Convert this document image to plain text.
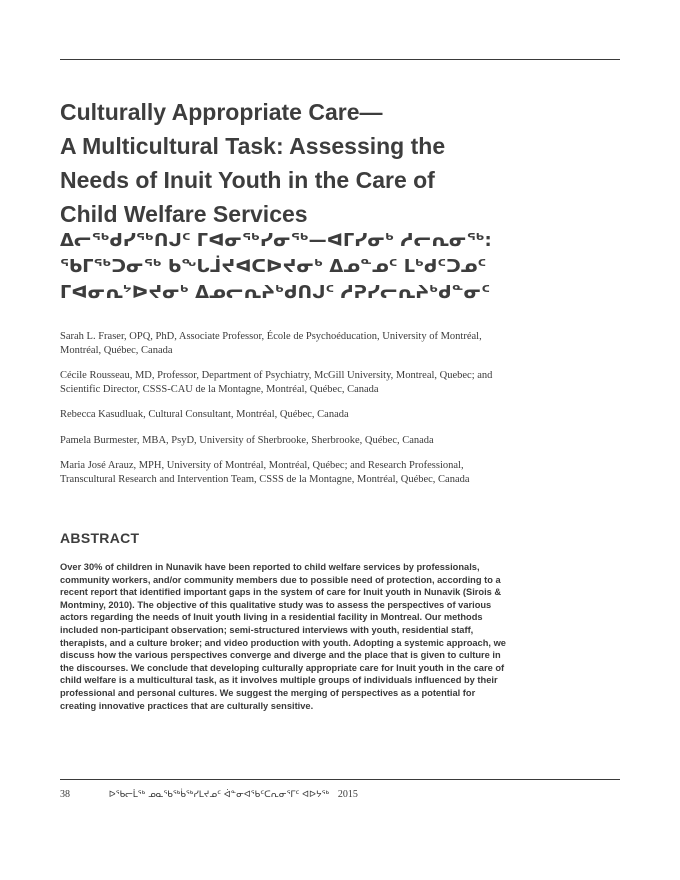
Culturally Appropriate Care—
A Multicultural Task: Assessing the
Needs of Inuit Youth in the Care of
Child Welfare Services
ᐃᓕᖅᑯᓯᖅᑎᒍᑦ ᒥᐊᓂᖅᓯᓂᖅ—ᐊᒥᓯᓂᒃ ᓱᓕᕆᓂᖅ:
ᖃᒥᖅᑐᓂᖅ ᑲᖓᒨᔪᐊᑕᐅᔪᓂᒃ ᐃᓄᓐᓄᑦ ᒪᒃᑯᑦᑐᓄᑦ
ᒥᐊᓂᕆᔾᐅᔪᓂᒃ ᐃᓄᓕᕆᔨᒃᑯᑎᒍᑦ ᓱᕈᓯᓕᕆᔨᒃᑯᓐᓂᑦ

Sarah L. Fraser, OPQ, PhD, Associate Professor, École de Psychoéducation, University of Montréal, Montréal, Québec, Canada

Cécile Rousseau, MD, Professor, Department of Psychiatry, McGill University, Montreal, Quebec; and Scientific Director, CSSS-CAU de la Montagne, Montréal, Québec, Canada

Rebecca Kasudluak, Cultural Consultant, Montréal, Québec, Canada

Pamela Burmester, MBA, PsyD, University of Sherbrooke, Sherbrooke, Québec, Canada

Maria José Arauz, MPH, University of Montréal, Montréal, Québec; and Research Professional, Transcultural Research and Intervention Team, CSSS de la Montagne, Montréal, Québec, Canada

ABSTRACT

Over 30% of children in Nunavik have been reported to child welfare services by professionals, community workers, and/or community members due to possible need of protection, according to a recent report that identified important gaps in the system of care for Inuit youth in Nunavik (Sirois & Montminy, 2010). The objective of this qualitative study was to assess the perspectives of various actors regarding the needs of Inuit youth living in a residential facility in Montreal. Our methods included non-participant observation; semi-structured interviews with youth, residential staff, therapists, and a culture broker; and video production with youth. Adopting a systemic approach, we discuss how the various perspectives converge and diverge and the place that is given to culture in the discourses. We conclude that developing culturally appropriate care for Inuit youth in the care of child welfare is a multicultural task, as it involves multiple groups of individuals influenced by their professional and personal cultures. We suggest the merging of perspectives as a potential for creating innovative practices that are culturally sensitive.

38	ᐅᖃᓕᒫᖅ ᓄᓇᖃᖅᑳᖅᓯᒪᔪᓄᑦ ᐋᓐᓂᐊᖃᑦᑕᕆᓂᕐᒥᑦ ᐊᐅᔭᖅ 2015
